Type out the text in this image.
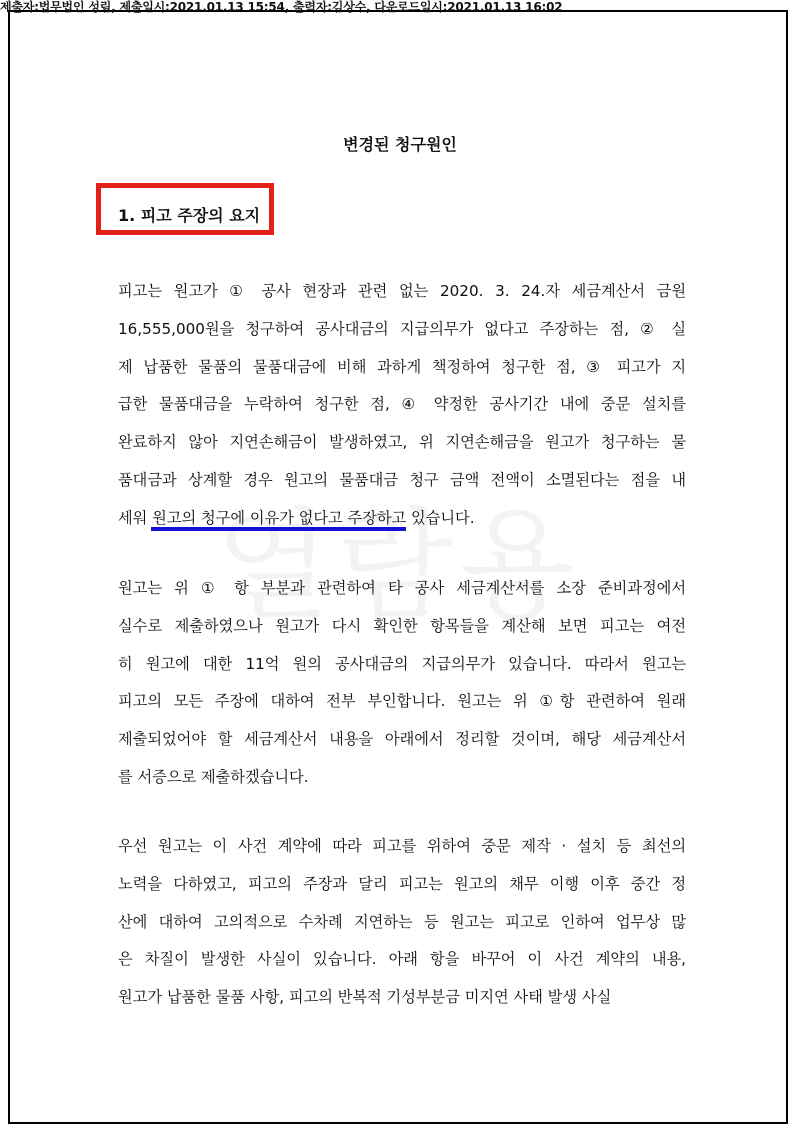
제출자:법무법인 성림, 제출일시:2021.01.13 15:54, 출력자:김상수, 다운로드일시:2021.01.13 16:02
변경된 청구원인
1. 피고 주장의 요지
피고는 원고가 ① 공사 현장과 관련 없는 2020. 3. 24.자 세금계산서 금원
16,555,000원을 청구하여 공사대금의 지급의무가 없다고 주장하는 점, ② 실
제 납품한 물품의 물품대금에 비해 과하게 책정하여 청구한 점, ③ 피고가 지
급한 물품대금을 누락하여 청구한 점, ④ 약정한 공사기간 내에 중문 설치를
완료하지 않아 지연손해금이 발생하였고, 위 지연손해금을 원고가 청구하는 물
품대금과 상계할 경우 원고의 물품대금 청구 금액 전액이 소멸된다는 점을 내
세워 원고의 청구에 이유가 없다고 주장하고 있습니다.
원고는 위 ① 항 부분과 관련하여 타 공사 세금계산서를 소장 준비과정에서
실수로 제출하였으나 원고가 다시 확인한 항목들을 계산해 보면 피고는 여전
히 원고에 대한 11억 원의 공사대금의 지급의무가 있습니다. 따라서 원고는
피고의 모든 주장에 대하여 전부 부인합니다. 원고는 위 ①항 관련하여 원래
제출되었어야 할 세금계산서 내용을 아래에서 정리할 것이며, 해당 세금계산서
를 서증으로 제출하겠습니다.
우선 원고는 이 사건 계약에 따라 피고를 위하여 중문 제작 · 설치 등 최선의
노력을 다하였고, 피고의 주장과 달리 피고는 원고의 채무 이행 이후 중간 정
산에 대하여 고의적으로 수차례 지연하는 등 원고는 피고로 인하여 업무상 많
은 차질이 발생한 사실이 있습니다. 아래 항을 바꾸어 이 사건 계약의 내용,
원고가 납품한 물품 사항, 피고의 반복적 기성부분금 미지연 사태 발생 사실
